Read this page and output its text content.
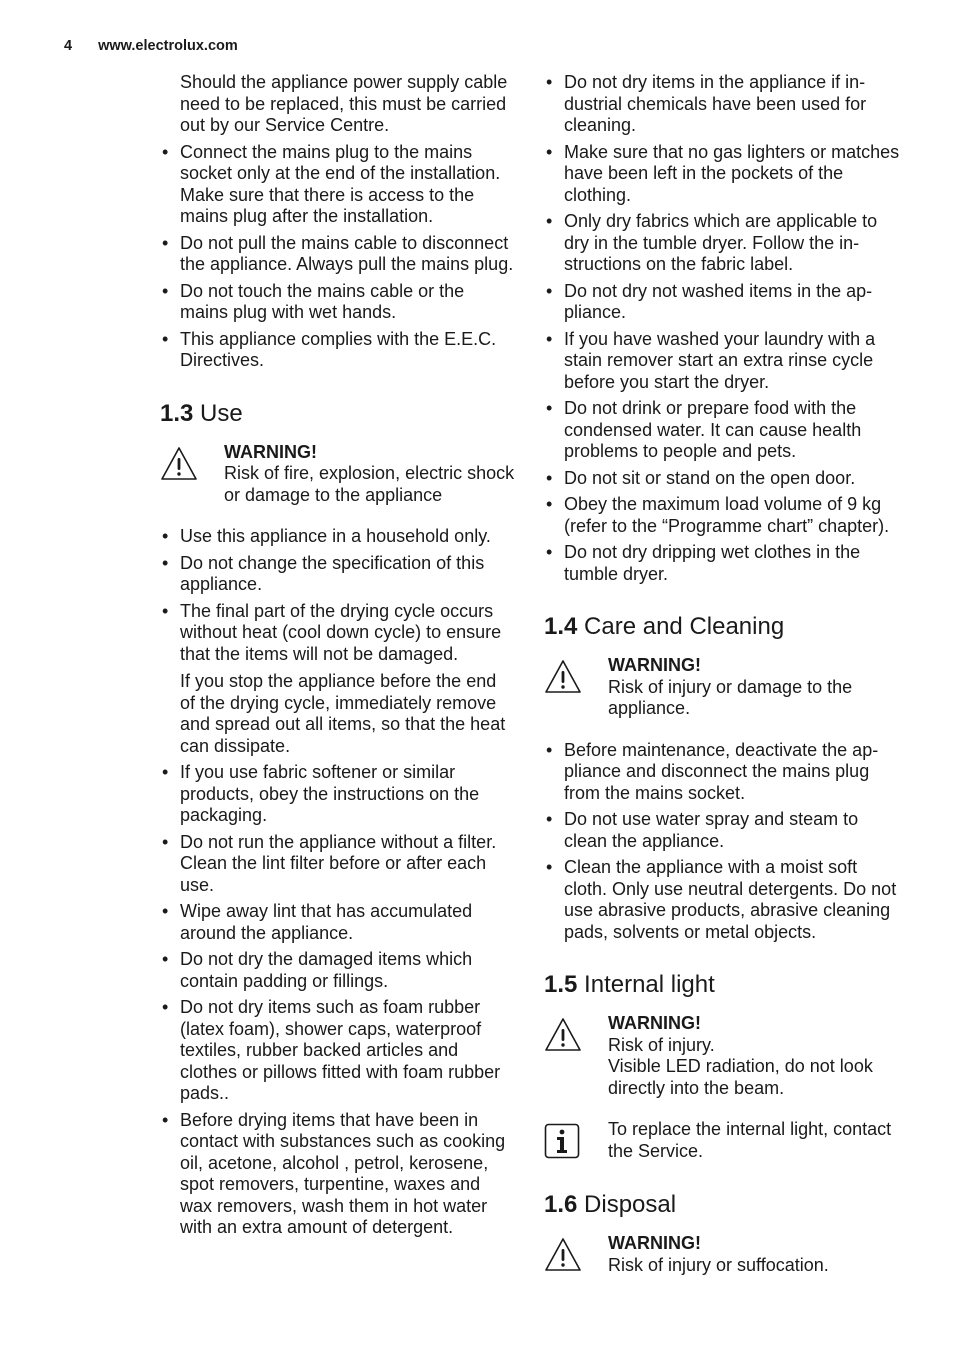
4 www.electrolux.com
Should the appliance power supply cable need to be replaced, this must be carried out by our Service Centre.
• Connect the mains plug to the mains socket only at the end of the installation. Make sure that there is access to the mains plug after the installation.
• Do not pull the mains cable to disconnect the appliance. Always pull the mains plug.
• Do not touch the mains cable or the mains plug with wet hands.
• This appliance complies with the E.E.C. Directives.
1.3 Use
WARNING!
Risk of fire, explosion, electric shock or damage to the appliance
• Use this appliance in a household only.
• Do not change the specification of this appliance.
• The final part of the drying cycle occurs without heat (cool down cycle) to ensure that the items will not be damaged.
If you stop the appliance before the end of the drying cycle, immediately remove and spread out all items, so that the heat can dissipate.
• If you use fabric softener or similar products, obey the instructions on the packaging.
• Do not run the appliance without a filter. Clean the lint filter before or after each use.
• Wipe away lint that has accumulated around the appliance.
• Do not dry the damaged items which contain padding or fillings.
• Do not dry items such as foam rubber (latex foam), shower caps, waterproof textiles, rubber backed articles and clothes or pillows fitted with foam rubber pads..
• Before drying items that have been in contact with substances such as cooking oil, acetone, alcohol , petrol, kerosene, spot removers, turpentine, waxes and wax removers, wash them in hot water with an extra amount of detergent.
• Do not dry items in the appliance if industrial chemicals have been used for cleaning.
• Make sure that no gas lighters or matches have been left in the pockets of the clothing.
• Only dry fabrics which are applicable to dry in the tumble dryer. Follow the instructions on the fabric label.
• Do not dry not washed items in the appliance.
• If you have washed your laundry with a stain remover start an extra rinse cycle before you start the dryer.
• Do not drink or prepare food with the condensed water. It can cause health problems to people and pets.
• Do not sit or stand on the open door.
• Obey the maximum load volume of 9 kg (refer to the “Programme chart” chapter).
• Do not dry dripping wet clothes in the tumble dryer.
1.4 Care and Cleaning
WARNING!
Risk of injury or damage to the appliance.
• Before maintenance, deactivate the appliance and disconnect the mains plug from the mains socket.
• Do not use water spray and steam to clean the appliance.
• Clean the appliance with a moist soft cloth. Only use neutral detergents. Do not use abrasive products, abrasive cleaning pads, solvents or metal objects.
1.5 Internal light
WARNING!
Risk of injury.
Visible LED radiation, do not look directly into the beam.
To replace the internal light, contact the Service.
1.6 Disposal
WARNING!
Risk of injury or suffocation.
